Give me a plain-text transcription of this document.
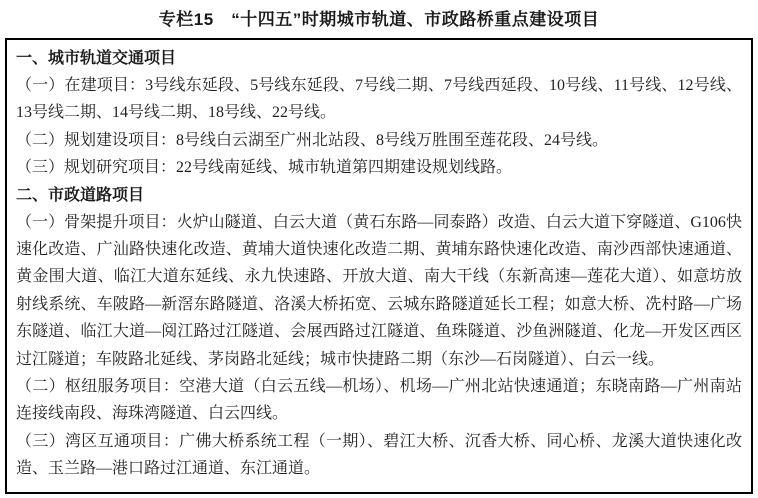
专栏15　“十四五”时期城市轨道、市政路桥重点建设项目
一、城市轨道交通项目

（一）在建项目：3号线东延段、5号线东延段、7号线二期、7号线西延段、10号线、11号线、12号线、13号线二期、14号线二期、18号线、22号线。

（二）规划建设项目：8号线白云湖至广州北站段、8号线万胜围至莲花段、24号线。

（三）规划研究项目：22号线南延线、城市轨道第四期建设规划线路。

二、市政道路项目

（一）骨架提升项目：火炉山隧道、白云大道（黄石东路—同泰路）改造、白云大道下穿隧道、G106快速化改造、广汕路快速化改造、黄埔大道快速化改造二期、黄埔东路快速化改造、南沙西部快速通道、黄金围大道、临江大道东延线、永九快速路、开放大道、南大干线（东新高速—莲花大道）、如意坊放射线系统、车陂路—新滘东路隧道、洛溪大桥拓宽、云城东路隧道延长工程；如意大桥、冼村路—广场东隧道、临江大道—阅江路过江隧道、会展西路过江隧道、鱼珠隧道、沙鱼洲隧道、化龙—开发区西区过江隧道；车陂路北延线、茅岗路北延线；城市快捷路二期（东沙—石岗隧道）、白云一线。

（二）枢纽服务项目：空港大道（白云五线—机场）、机场—广州北站快速通道；东晓南路—广州南站连接线南段、海珠湾隧道、白云四线。

（三）湾区互通项目：广佛大桥系统工程（一期）、碧江大桥、沉香大桥、同心桥、龙溪大道快速化改造、玉兰路—港口路过江通道、东江通道。
